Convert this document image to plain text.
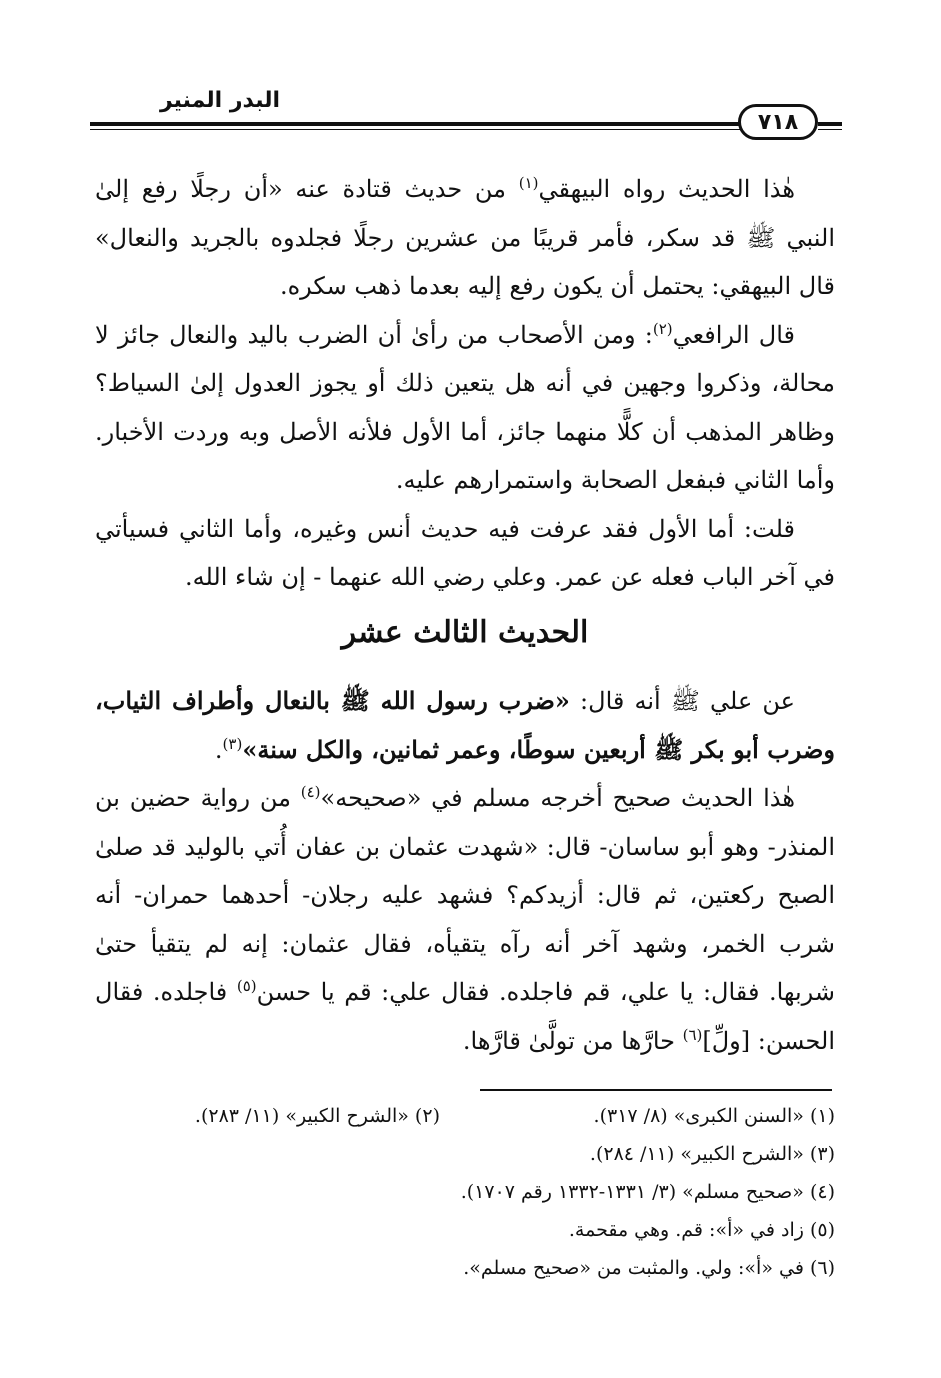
البدر المنير
٧١٨

هٰذا الحديث رواه البيهقي$^{(١)}$ من حديث قتادة عنه «أن رجلًا رفع إلىٰ النبي ﷺ قد سكر، فأمر قريبًا من عشرين رجلًا فجلدوه بالجريد والنعال» قال البيهقي: يحتمل أن يكون رفع إليه بعدما ذهب سكره.

قال الرافعي$^{(٢)}$: ومن الأصحاب من رأىٰ أن الضرب باليد والنعال جائز لا محالة، وذكروا وجهين في أنه هل يتعين ذلك أو يجوز العدول إلىٰ السياط؟ وظاهر المذهب أن كلًّا منهما جائز، أما الأول فلأنه الأصل وبه وردت الأخبار. وأما الثاني فبفعل الصحابة واستمرارهم عليه.

قلت: أما الأول فقد عرفت فيه حديث أنس وغيره، وأما الثاني فسيأتي في آخر الباب فعله عن عمر. وعلي رضي الله عنهما - إن شاء الله.

الحديث الثالث عشر

عن علي ﷺ أنه قال: «ضرب رسول الله ﷺ بالنعال وأطراف الثياب، وضرب أبو بكر ﷺ أربعين سوطًا، وعمر ثمانين، والكل سنة»$^{(٣)}$.

هٰذا الحديث صحيح أخرجه مسلم في «صحيحه»$^{(٤)}$ من رواية حضين بن المنذر- وهو أبو ساسان- قال: «شهدت عثمان بن عفان أُتي بالوليد قد صلىٰ الصبح ركعتين، ثم قال: أزيدكم؟ فشهد عليه رجلان- أحدهما حمران- أنه شرب الخمر، وشهد آخر أنه رآه يتقيأه، فقال عثمان: إنه لم يتقيأ حتىٰ شربها. فقال: يا علي، قم فاجلده. فقال علي: قم يا حسن$^{(٥)}$ فاجلده. فقال الحسن: [ولِّ]$^{(٦)}$ حارَّها من تولَّىٰ قارَّها.

(١) «السنن الكبرى» (٨/ ٣١٧).
(٢) «الشرح الكبير» (١١/ ٢٨٣).
(٣) «الشرح الكبير» (١١/ ٢٨٤).
(٤) «صحيح مسلم» (٣/ ١٣٣١-١٣٣٢ رقم ١٧٠٧).
(٥) زاد في «أ»: قم. وهي مقحمة.
(٦) في «أ»: ولي. والمثبت من «صحيح مسلم».
